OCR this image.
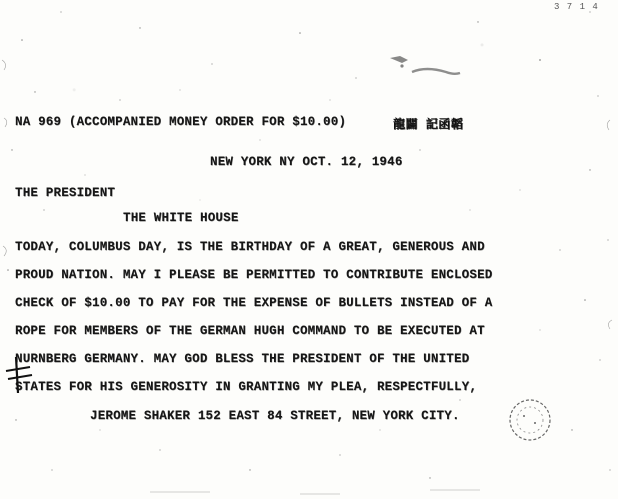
3 7 1 4
NA 969 (ACCOMPANIED MONEY ORDER FOR $10.00)	龍闢 記函韜
NEW YORK NY OCT. 12, 1946
THE PRESIDENT
THE WHITE HOUSE
TODAY, COLUMBUS DAY, IS THE BIRTHDAY OF A GREAT, GENEROUS AND
PROUD NATION. MAY I PLEASE BE PERMITTED TO CONTRIBUTE ENCLOSED
CHECK OF $10.00 TO PAY FOR THE EXPENSE OF BULLETS INSTEAD OF A
ROPE FOR MEMBERS OF THE GERMAN HUGH COMMAND TO BE EXECUTED AT
NURNBERG GERMANY. MAY GOD BLESS THE PRESIDENT OF THE UNITED
STATES FOR HIS GENEROSITY IN GRANTING MY PLEA, RESPECTFULLY,
JEROME SHAKER 152 EAST 84 STREET, NEW YORK CITY.
